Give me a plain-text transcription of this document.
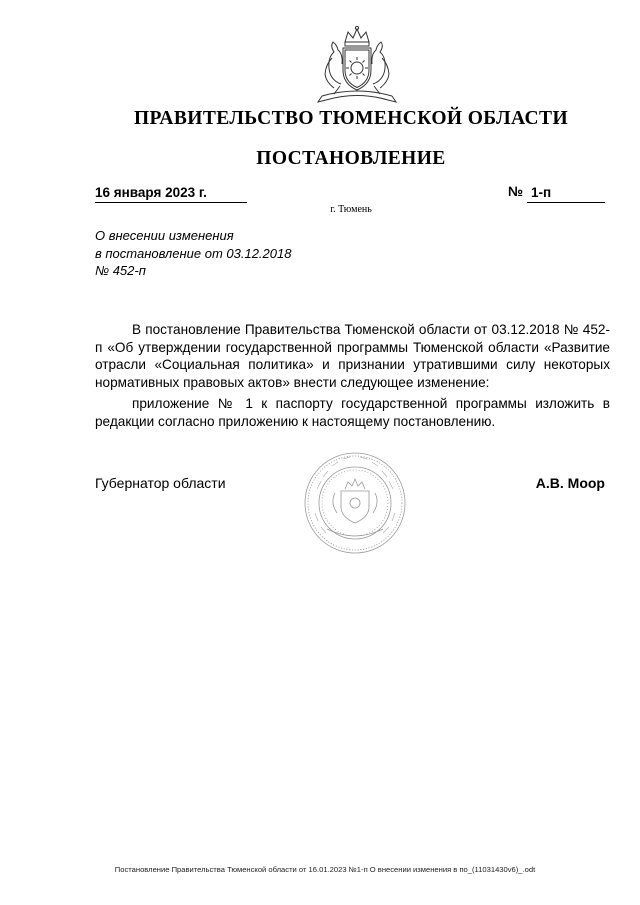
ПРАВИТЕЛЬСТВО ТЮМЕНСКОЙ ОБЛАСТИ
ПОСТАНОВЛЕНИЕ
16 января 2023 г.	№ 1-п
г. Тюмень
О внесении изменения
в постановление от 03.12.2018
№ 452-п

В постановление Правительства Тюменской области от 03.12.2018 № 452-п «Об утверждении государственной программы Тюменской области «Развитие отрасли «Социальная политика» и признании утратившими силу некоторых нормативных правовых актов» внести следующее изменение:

приложение № 1 к паспорту государственной программы изложить в редакции согласно приложению к настоящему постановлению.

Губернатор области	А.В. Моор
Постановление Правительства Тюменской области от 16.01.2023 №1-п О внесении изменения в по_(11031430v6)_.odt
